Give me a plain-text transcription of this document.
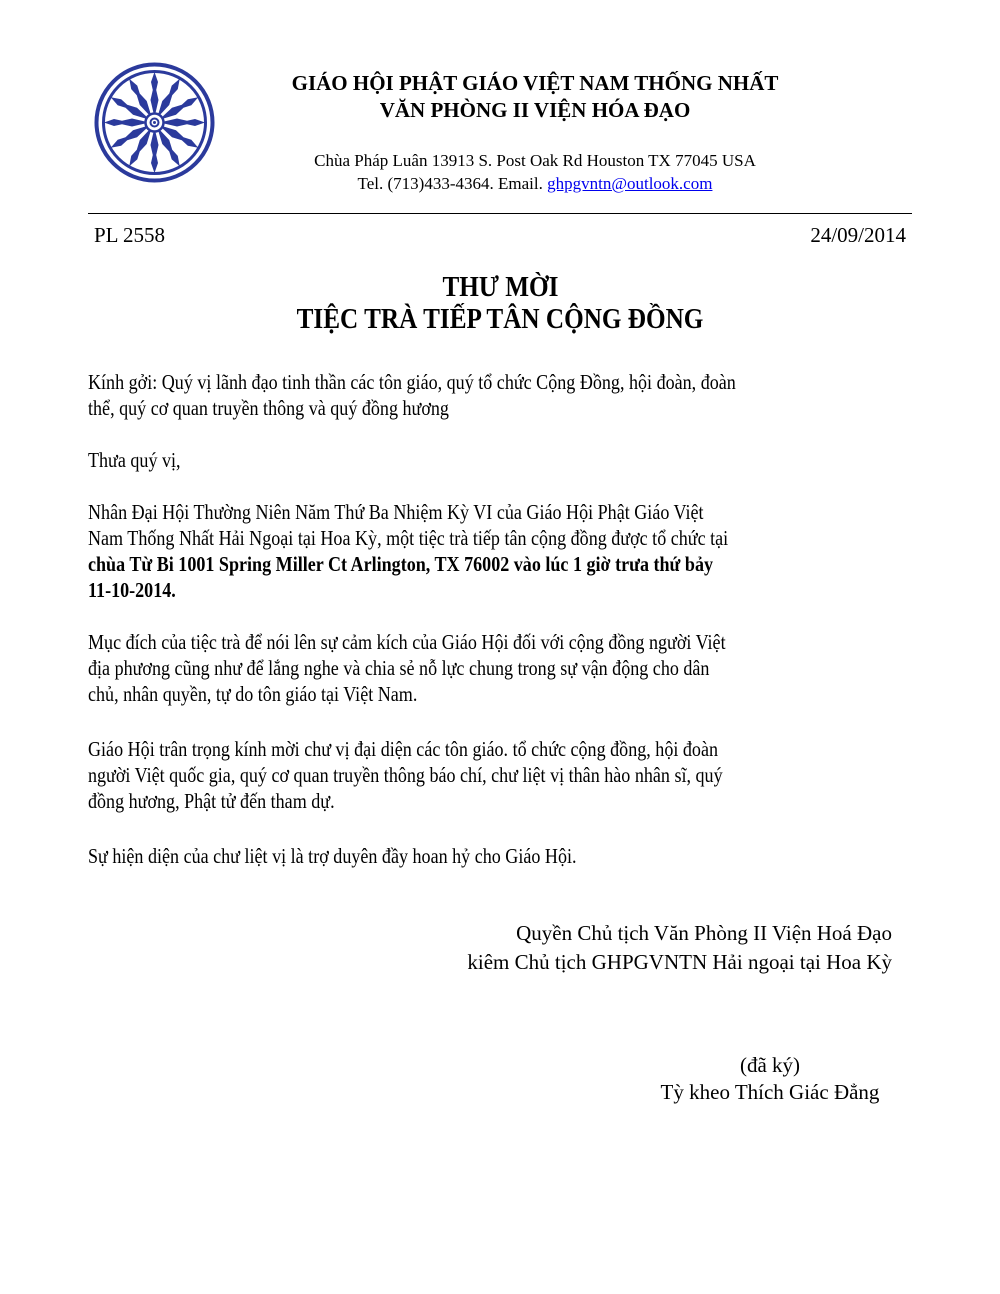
GIÁO HỘI PHẬT GIÁO VIỆT NAM THỐNG NHẤT
VĂN PHÒNG II VIỆN HÓA ĐẠO
Chùa Pháp Luân 13913 S. Post Oak Rd Houston TX 77045 USA
Tel. (713)433-4364. Email. ghpgvntn@outlook.com
PL 2558	24/09/2014
THƯ MỜI
TIỆC TRÀ TIẾP TÂN CỘNG ĐỒNG
Kính gởi: Quý vị lãnh đạo tinh thần các tôn giáo, quý tổ chức Cộng Đồng, hội đoàn, đoàn
thể, quý cơ quan truyền thông và quý đồng hương
Thưa quý vị,
Nhân Đại Hội Thường Niên Năm Thứ Ba Nhiệm Kỳ VI của Giáo Hội Phật Giáo Việt
Nam Thống Nhất Hải Ngoại tại Hoa Kỳ, một tiệc trà tiếp tân cộng đồng được tổ chức tại
chùa Từ Bi 1001 Spring Miller Ct Arlington, TX 76002 vào lúc 1 giờ trưa thứ bảy
11-10-2014.
Mục đích của tiệc trà để nói lên sự cảm kích của Giáo Hội đối với cộng đồng người Việt
địa phương cũng như để lắng nghe và chia sẻ nỗ lực chung trong sự vận động cho dân
chủ, nhân quyền, tự do tôn giáo tại Việt Nam.
Giáo Hội trân trọng kính mời chư vị đại diện các tôn giáo. tổ chức cộng đồng, hội đoàn
người Việt quốc gia, quý cơ quan truyền thông báo chí, chư liệt vị thân hào nhân sĩ, quý
đồng hương, Phật tử đến tham dự.
Sự hiện diện của chư liệt vị là trợ duyên đầy hoan hỷ cho Giáo Hội.
Quyền Chủ tịch Văn Phòng II Viện Hoá Đạo
kiêm Chủ tịch GHPGVNTN Hải ngoại tại Hoa Kỳ
(đã ký)
Tỳ kheo Thích Giác Đẳng
